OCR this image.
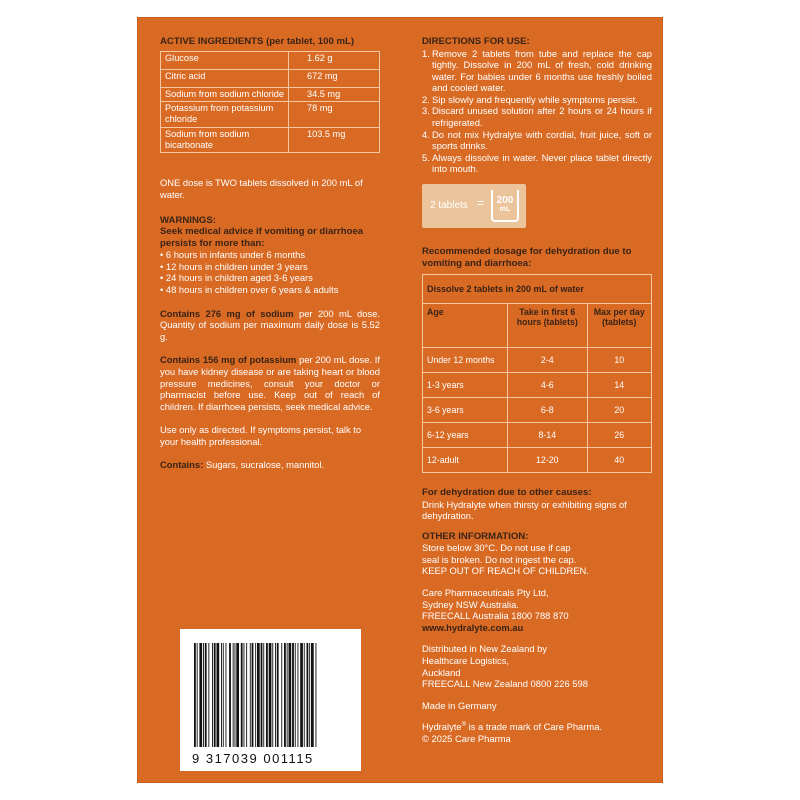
ACTIVE INGREDIENTS (per tablet, 100 mL)
Glucose	1.62 g
Citric acid	672 mg
Sodium from sodium chloride	34.5 mg
Potassium from potassium chloride	78 mg
Sodium from sodium bicarbonate	103.5 mg

ONE dose is TWO tablets dissolved in 200 mL of water.

WARNINGS:
Seek medical advice if vomiting or diarrhoea persists for more than:
• 6 hours in infants under 6 months
• 12 hours in children under 3 years
• 24 hours in children aged 3-6 years
• 48 hours in children over 6 years & adults

Contains 276 mg of sodium per 200 mL dose. Quantity of sodium per maximum daily dose is 5.52 g.

Contains 156 mg of potassium per 200 mL dose. If you have kidney disease or are taking heart or blood pressure medicines, consult your doctor or pharmacist before use. Keep out of reach of children. If diarrhoea persists, seek medical advice.

Use only as directed. If symptoms persist, talk to your health professional.

Contains: Sugars, sucralose, mannitol.

9 317039 001115
DIRECTIONS FOR USE:
1. Remove 2 tablets from tube and replace the cap tightly. Dissolve in 200 mL of fresh, cold drinking water. For babies under 6 months use freshly boiled and cooled water.
2. Sip slowly and frequently while symptoms persist.
3. Discard unused solution after 2 hours or 24 hours if refrigerated.
4. Do not mix Hydralyte with cordial, fruit juice, soft or sports drinks.
5. Always dissolve in water. Never place tablet directly into mouth.
2 tablets =	200
mL
Recommended dosage for dehydration due to vomiting and diarrhoea:
Dissolve 2 tablets in 200 mL of water		
Age	Take in first 6 hours (tablets)	Max per day (tablets)
Under 12 months	2-4	10
1-3 years	4-6	14
3-6 years	6-8	20
6-12 years	8-14	26
12-adult	12-20	40
For dehydration due to other causes:

Drink Hydralyte when thirsty or exhibiting signs of dehydration.

OTHER INFORMATION:

Store below 30°C. Do not use if cap

seal is broken. Do not ingest the cap.

KEEP OUT OF REACH OF CHILDREN.

Care Pharmaceuticals Pty Ltd,

Sydney NSW Australia.

FREECALL Australia 1800 788 870

www.hydralyte.com.au

Distributed in New Zealand by

Healthcare Logistics,

Auckland

FREECALL New Zealand 0800 226 598

Made in Germany

Hydralyte® is a trade mark of Care Pharma.

© 2025 Care Pharma
